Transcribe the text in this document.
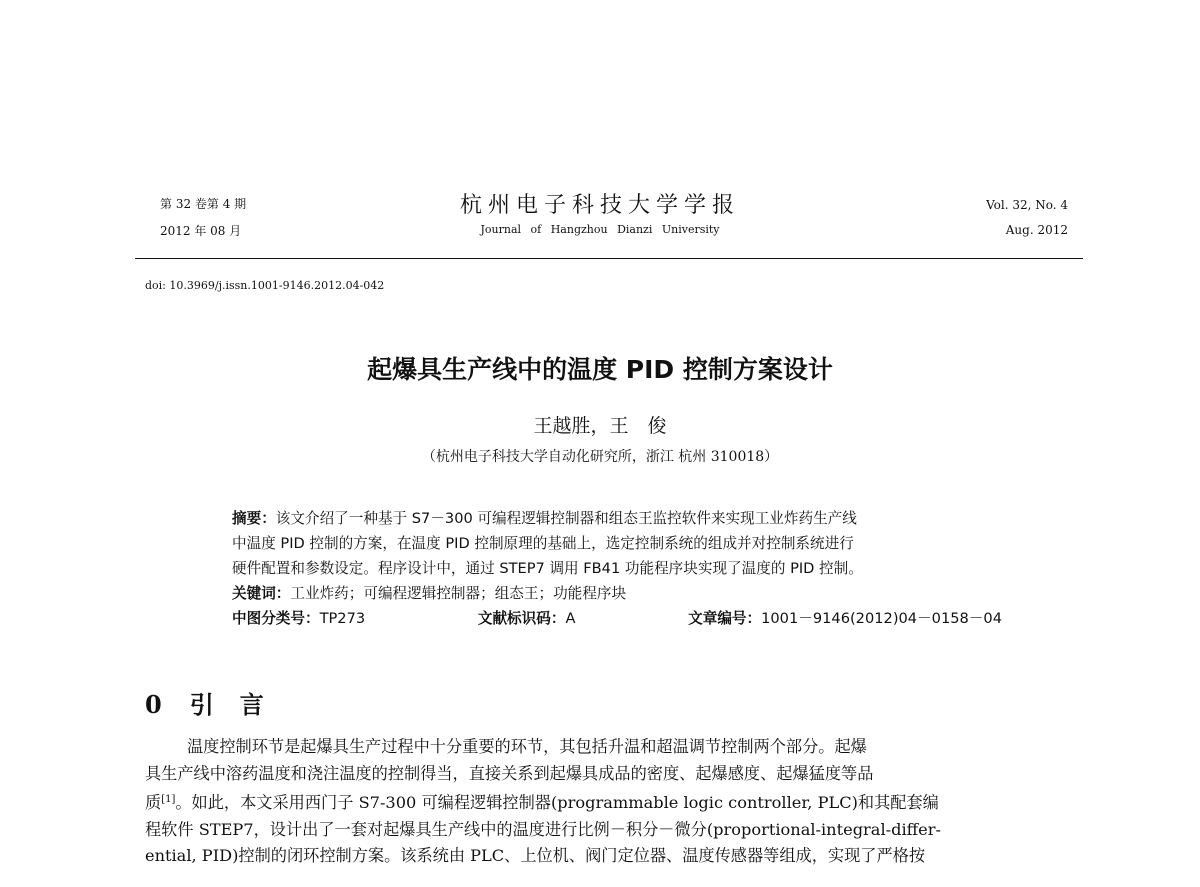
第 32 卷第 4 期
2012 年 08 月
杭州电子科技大学学报
Journal of Hangzhou Dianzi University
Vol. 32, No. 4
Aug. 2012
doi: 10.3969/j.issn.1001-9146.2012.04-042
起爆具生产线中的温度 PID 控制方案设计
王越胜，王　俊
（杭州电子科技大学自动化研究所，浙江 杭州 310018）
摘要：该文介绍了一种基于 S7－300 可编程逻辑控制器和组态王监控软件来实现工业炸药生产线
中温度 PID 控制的方案，在温度 PID 控制原理的基础上，选定控制系统的组成并对控制系统进行
硬件配置和参数设定。程序设计中，通过 STEP7 调用 FB41 功能程序块实现了温度的 PID 控制。
关键词：工业炸药；可编程逻辑控制器；组态王；功能程序块
中图分类号：TP273	文献标识码：A	文章编号：1001－9146(2012)04－0158－04
0 引言
温度控制环节是起爆具生产过程中十分重要的环节，其包括升温和超温调节控制两个部分。起爆
具生产线中溶药温度和浇注温度的控制得当，直接关系到起爆具成品的密度、起爆感度、起爆猛度等品
质[1]。如此，本文采用西门子 S7-300 可编程逻辑控制器(programmable logic controller, PLC)和其配套编
程软件 STEP7，设计出了一套对起爆具生产线中的温度进行比例－积分－微分(proportional-integral-differ-
ential, PID)控制的闭环控制方案。该系统由 PLC、上位机、阀门定位器、温度传感器等组成，实现了严格按
